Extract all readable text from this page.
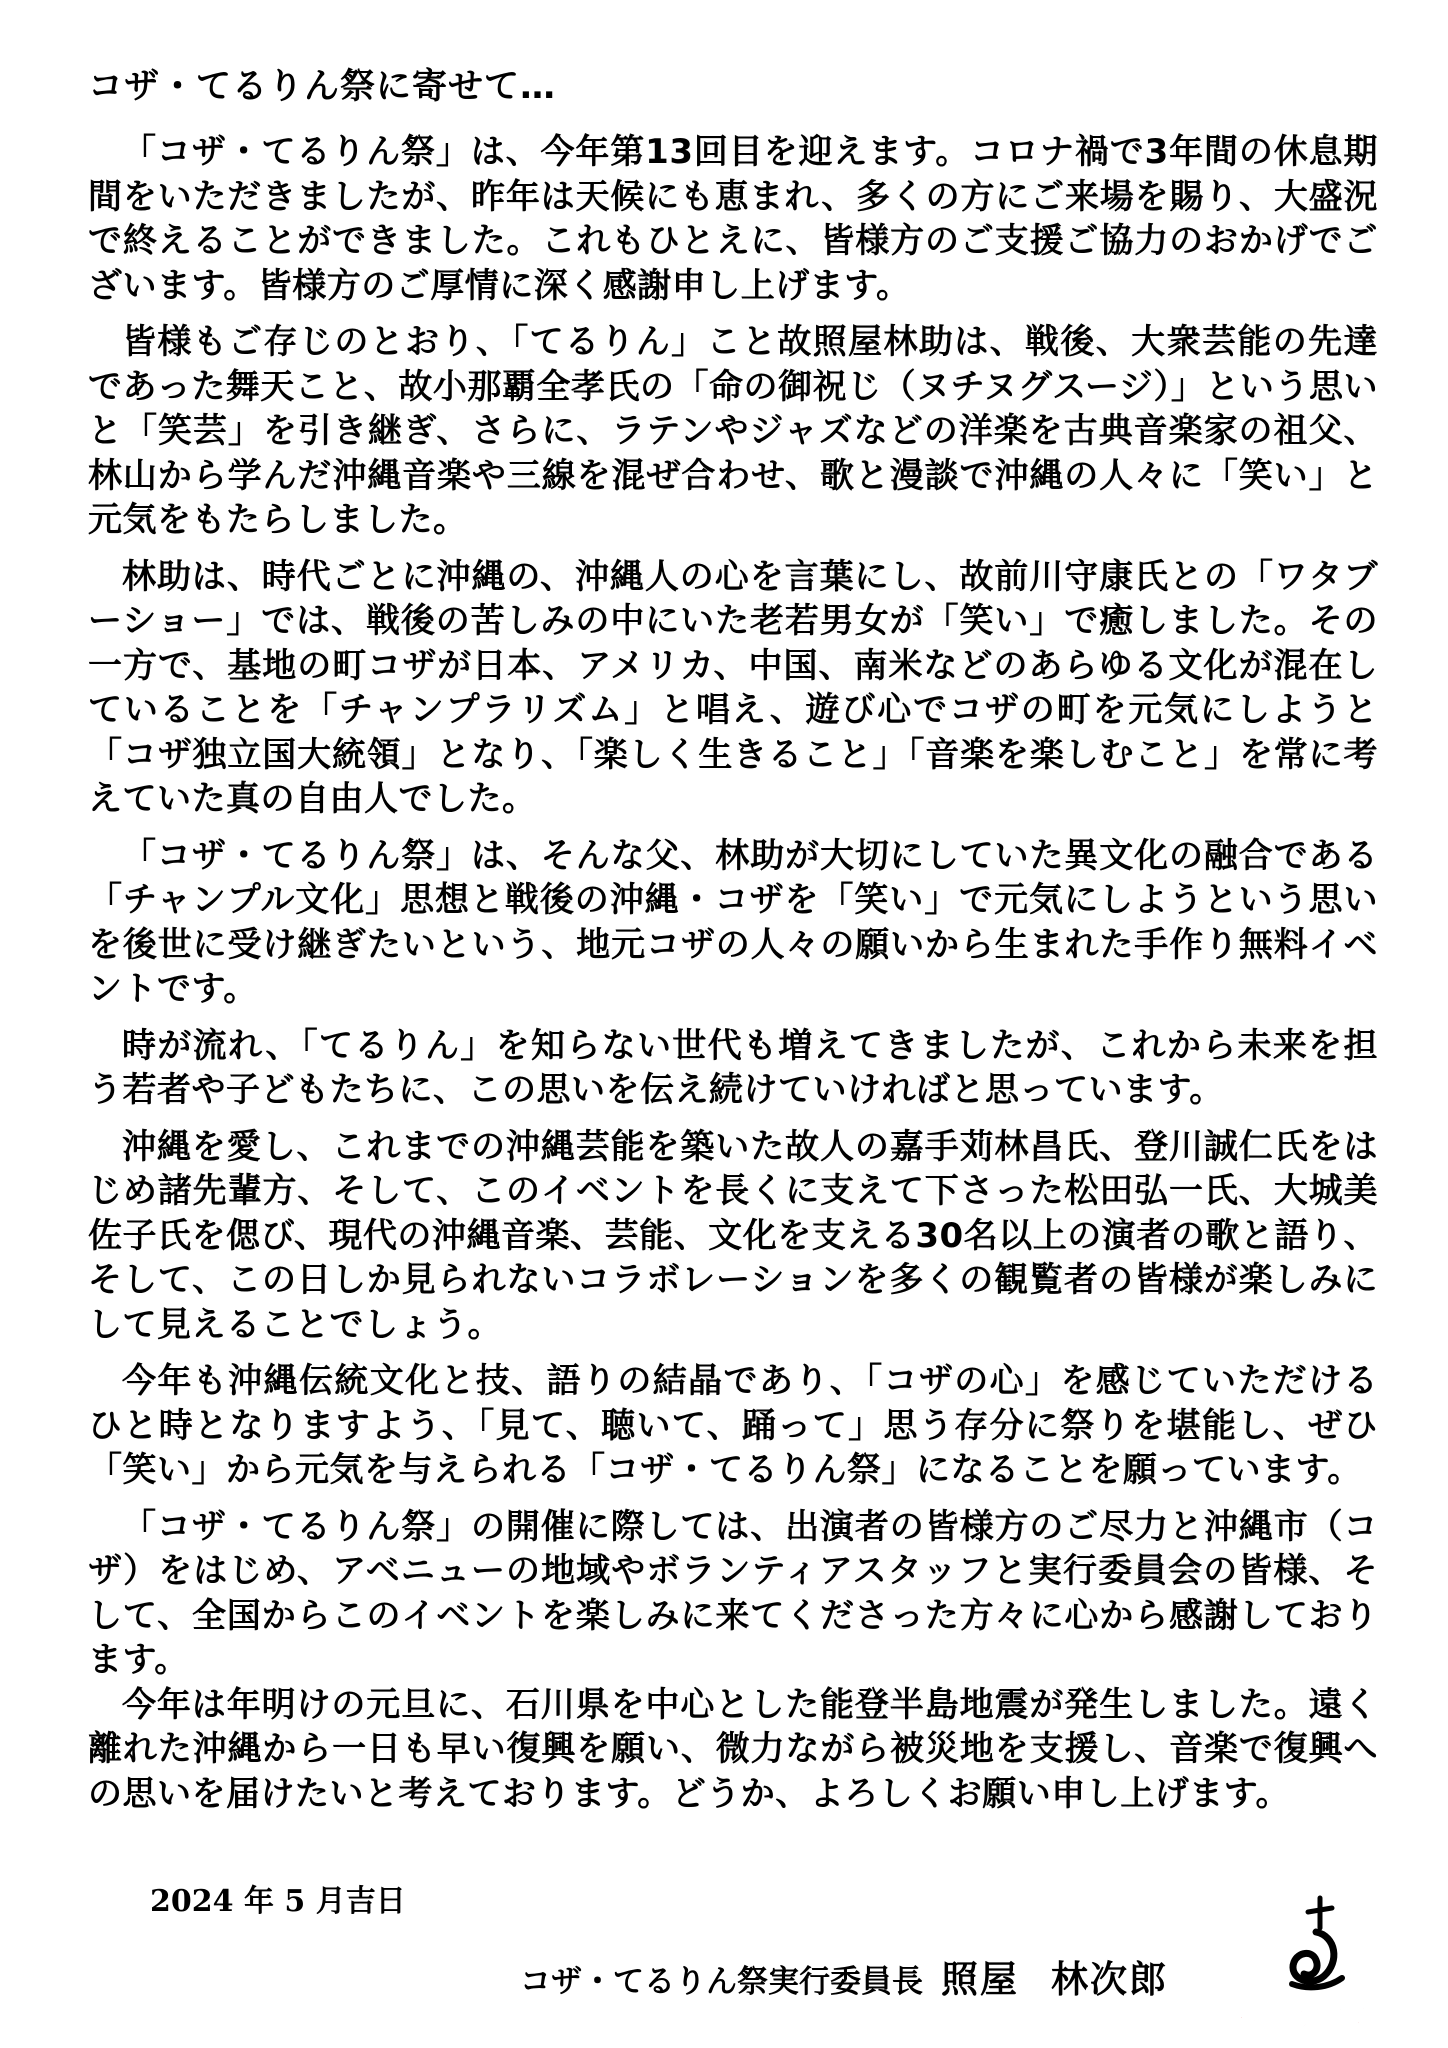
コザ・てるりん祭に寄せて…

「コザ・てるりん祭」は、今年第13回目を迎えます。コロナ禍で3年間の休息期間をいただきましたが、昨年は天候にも恵まれ、多くの方にご来場を賜り、大盛況で終えることができました。これもひとえに、皆様方のご支援ご協力のおかげでございます。皆様方のご厚情に深く感謝申し上げます。

皆様もご存じのとおり、「てるりん」こと故照屋林助は、戦後、大衆芸能の先達であった舞天こと、故小那覇全孝氏の「命の御祝じ（ヌチヌグスージ）」という思いと「笑芸」を引き継ぎ、さらに、ラテンやジャズなどの洋楽を古典音楽家の祖父、林山から学んだ沖縄音楽や三線を混ぜ合わせ、歌と漫談で沖縄の人々に「笑い」と元気をもたらしました。

林助は、時代ごとに沖縄の、沖縄人の心を言葉にし、故前川守康氏との「ワタブーショー」では、戦後の苦しみの中にいた老若男女が「笑い」で癒しました。その一方で、基地の町コザが日本、アメリカ、中国、南米などのあらゆる文化が混在していることを「チャンプラリズム」と唱え、遊び心でコザの町を元気にしようと「コザ独立国大統領」となり、「楽しく生きること」「音楽を楽しむこと」を常に考えていた真の自由人でした。

「コザ・てるりん祭」は、そんな父、林助が大切にしていた異文化の融合である「チャンプル文化」思想と戦後の沖縄・コザを「笑い」で元気にしようという思いを後世に受け継ぎたいという、地元コザの人々の願いから生まれた手作り無料イベントです。

時が流れ、「てるりん」を知らない世代も増えてきましたが、これから未来を担う若者や子どもたちに、この思いを伝え続けていければと思っています。

沖縄を愛し、これまでの沖縄芸能を築いた故人の嘉手苅林昌氏、登川誠仁氏をはじめ諸先輩方、そして、このイベントを長くに支えて下さった松田弘一氏、大城美佐子氏を偲び、現代の沖縄音楽、芸能、文化を支える30名以上の演者の歌と語り、そして、この日しか見られないコラボレーションを多くの観覧者の皆様が楽しみにして見えることでしょう。

今年も沖縄伝統文化と技、語りの結晶であり、「コザの心」を感じていただけるひと時となりますよう、「見て、聴いて、踊って」思う存分に祭りを堪能し、ぜひ「笑い」から元気を与えられる「コザ・てるりん祭」になることを願っています。

「コザ・てるりん祭」の開催に際しては、出演者の皆様方のご尽力と沖縄市（コザ）をはじめ、アベニューの地域やボランティアスタッフと実行委員会の皆様、そして、全国からこのイベントを楽しみに来てくださった方々に心から感謝しております。

今年は年明けの元旦に、石川県を中心とした能登半島地震が発生しました。遠く離れた沖縄から一日も早い復興を願い、微力ながら被災地を支援し、音楽で復興への思いを届けたいと考えております。どうか、よろしくお願い申し上げます。

2024 年 5 月吉日
コザ・てるりん祭実行委員長 照屋 林次郎
コザてるりん祭
